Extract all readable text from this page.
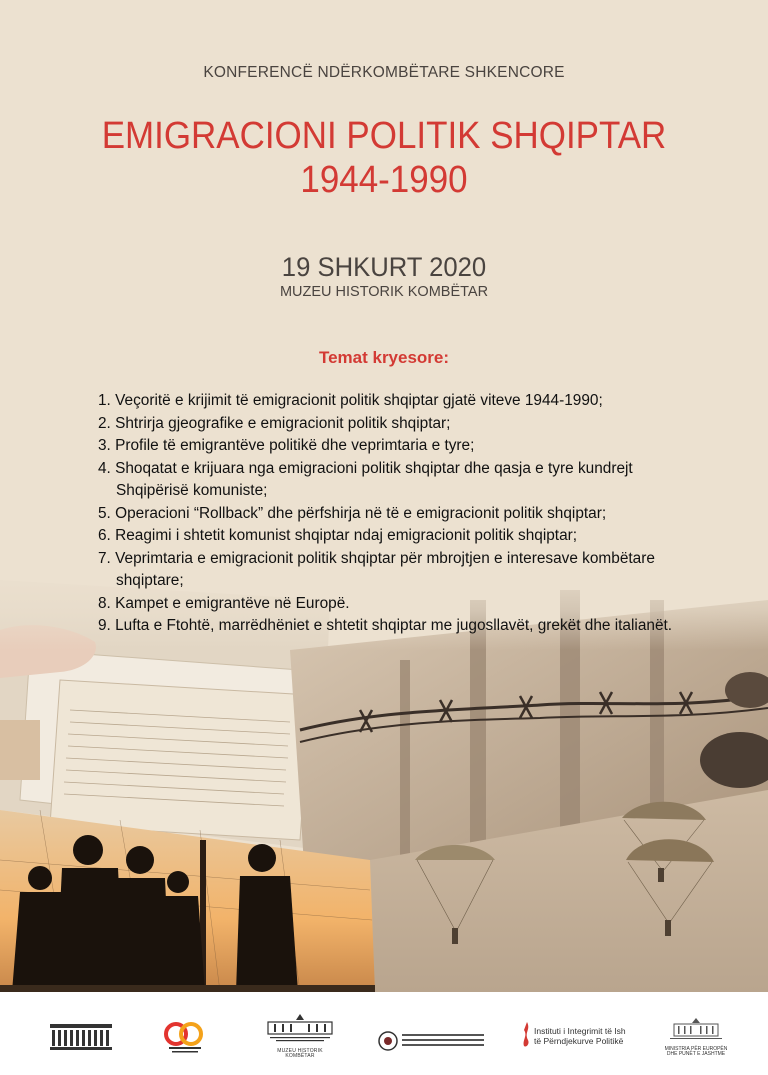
KONFERENCË NDËRKOMBËTARE SHKENCORE
EMIGRACIONI POLITIK SHQIPTAR
1944-1990
19 SHKURT 2020
MUZEU HISTORIK KOMBËTAR
Temat kryesore:
1. Veçoritë e krijimit të emigracionit politik shqiptar gjatë viteve 1944-1990;
2. Shtrirja gjeografike e emigracionit politik shqiptar;
3. Profile të emigrantëve politikë dhe veprimtaria e tyre;
4. Shoqatat e krijuara nga emigracioni politik shqiptar dhe qasja e tyre kundrejt Shqipërisë komuniste;
5. Operacioni “Rollback” dhe përfshirja në të e emigracionit politik shqiptar;
6. Reagimi i shtetit komunist shqiptar ndaj emigracionit politik shqiptar;
7. Veprimtaria e emigracionit politik shqiptar për mbrojtjen e interesave kombëtare shqiptare;
8. Kampet e emigrantëve në Europë.
9. Lufta e Ftohtë, marrëdhëniet e shtetit shqiptar me jugosllavët, grekët dhe italianët.
MUZEU HISTORIK KOMBËTAR
Instituti i Integrimit të Ish
të Përndjekurve Politikë
MINISTRIA PËR EUROPËN
DHE PUNËT E JASHTME
